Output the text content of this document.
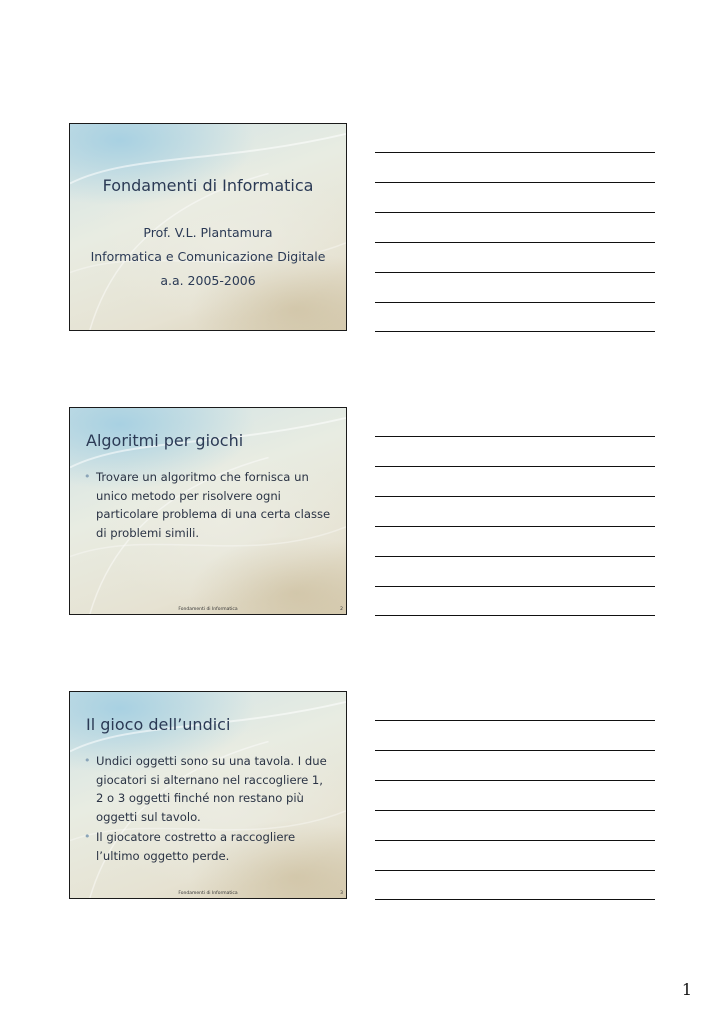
Fondamenti di Informatica
Prof. V.L. Plantamura
Informatica e Comunicazione Digitale
a.a. 2005-2006
Algoritmi per giochi
• Trovare un algoritmo che fornisca un unico metodo per risolvere ogni particolare problema di una certa classe di problemi simili.
Fondamenti di Informatica	2
Il gioco dell’undici
• Undici oggetti sono su una tavola. I due giocatori si alternano nel raccogliere 1, 2 o 3 oggetti finché non restano più oggetti sul tavolo.
• Il giocatore costretto a raccogliere l’ultimo oggetto perde.
Fondamenti di Informatica	3
1
